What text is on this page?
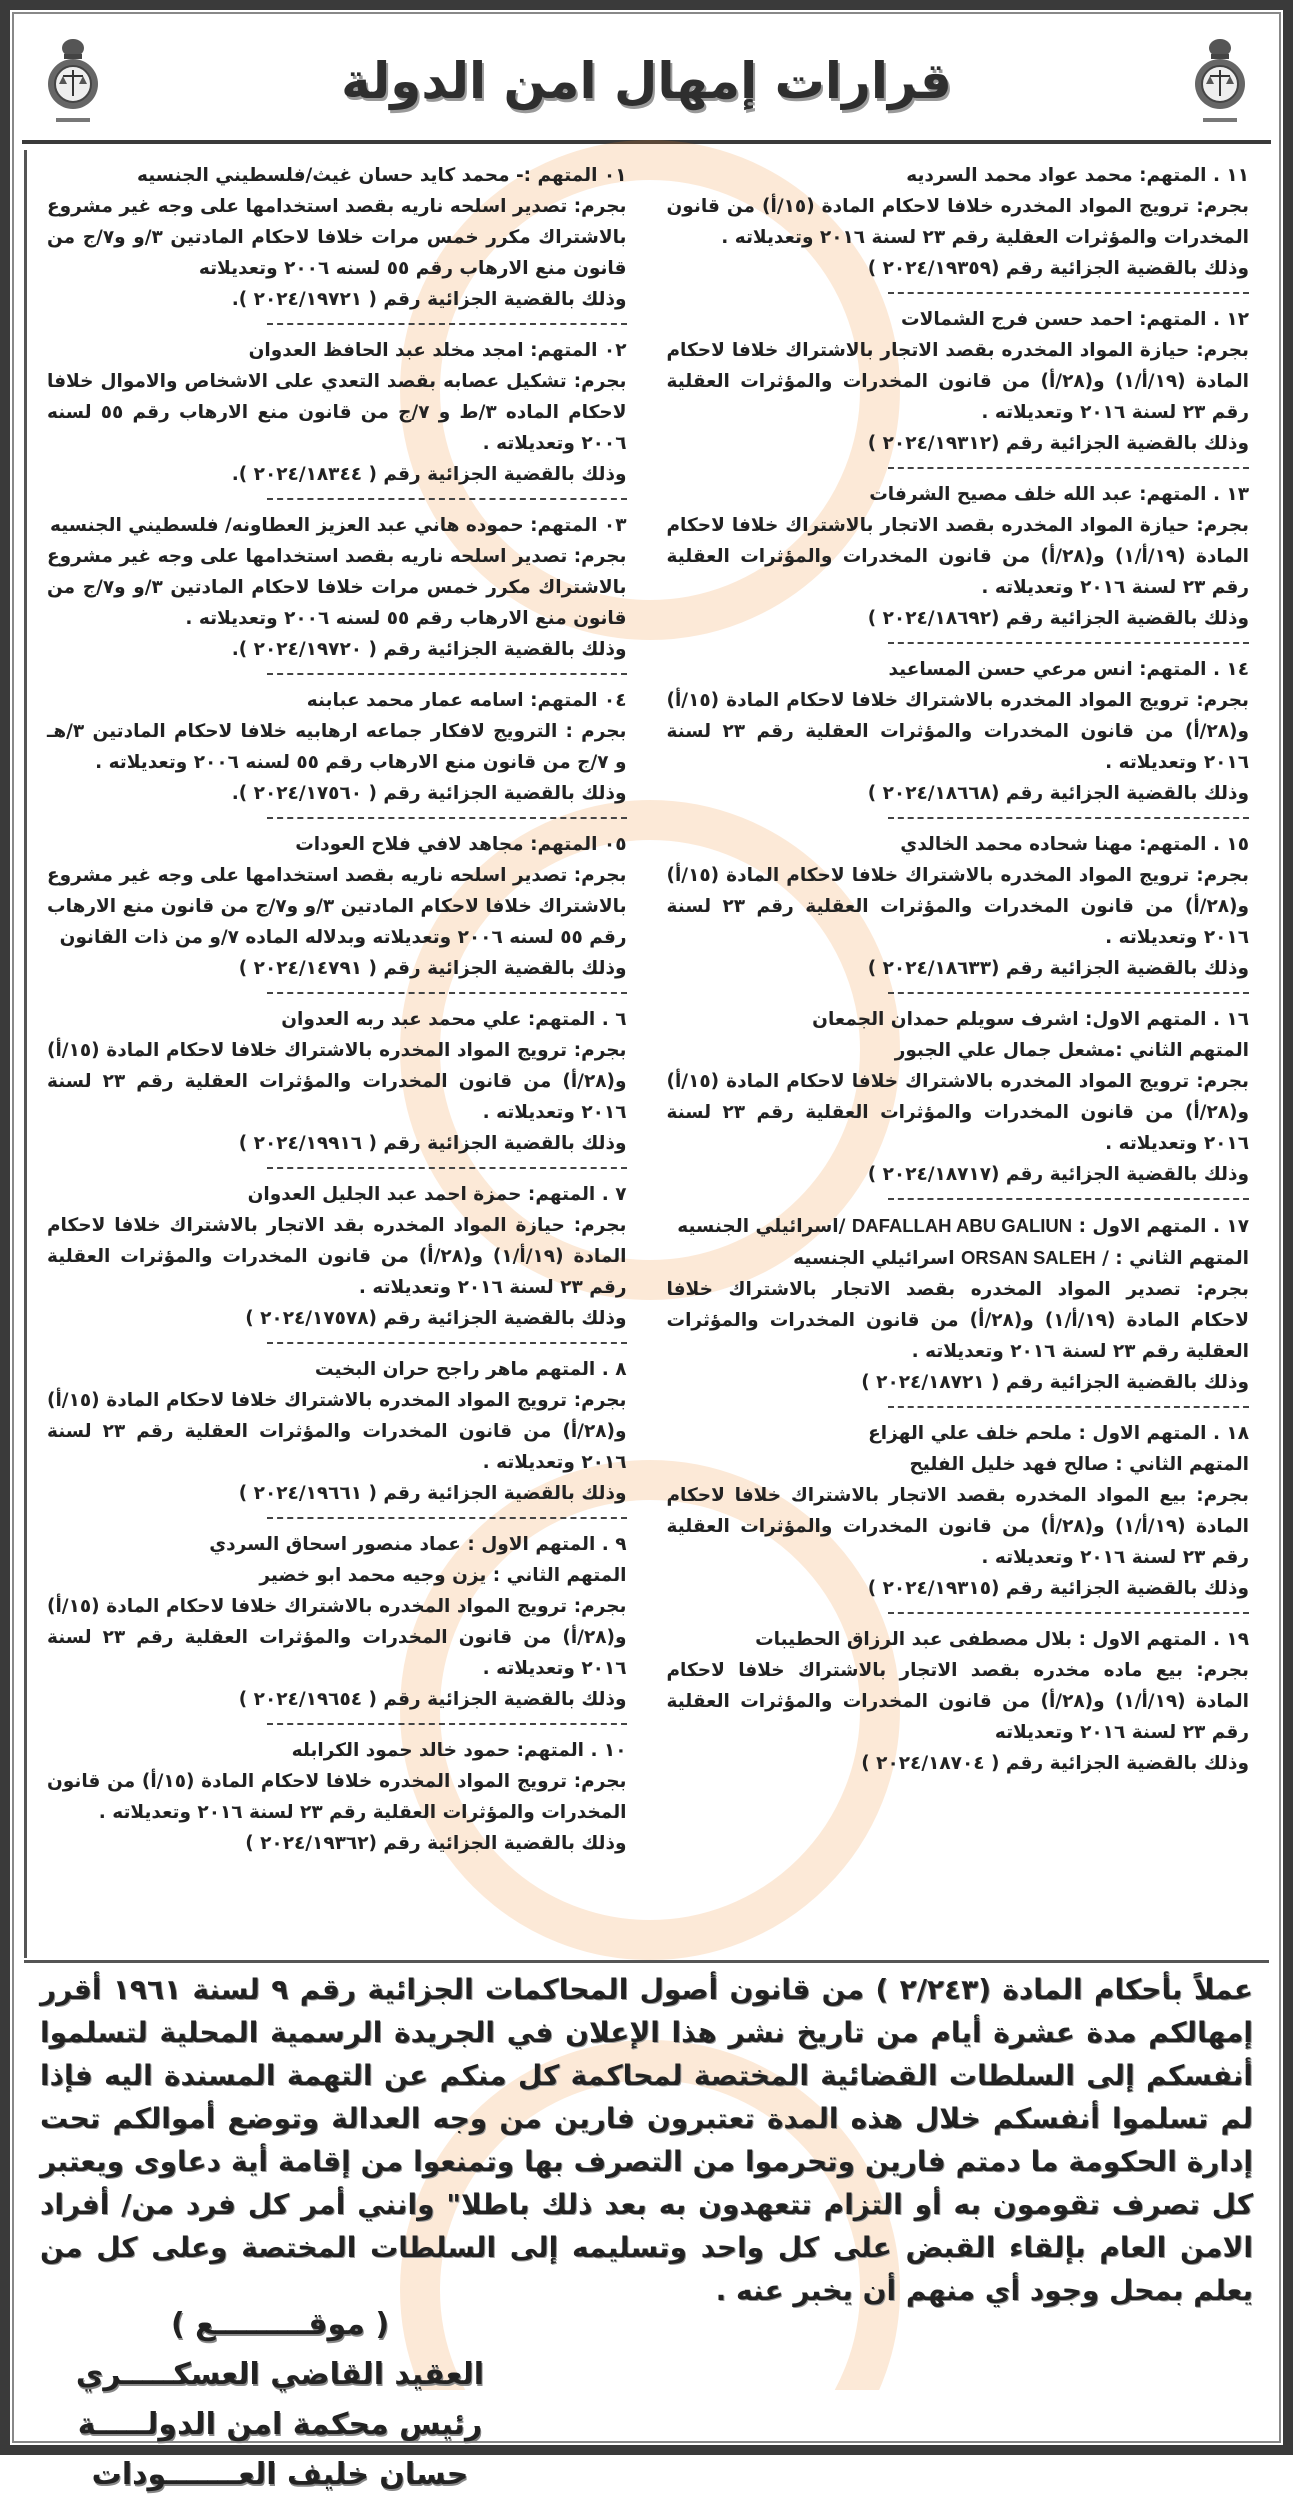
قرارات إمهال امن الدولة

٠١ المتهم :- محمد كايد حسان غيث/فلسطيني الجنسيه

بجرم: تصدير اسلحه ناريه بقصد استخدامها على وجه غير مشروع بالاشتراك مكرر خمس مرات خلافا لاحكام المادتين ٣/و و٧/ج من قانون منع الارهاب رقم ٥٥ لسنه ٢٠٠٦ وتعديلاته

وذلك بالقضية الجزائية رقم ( ٢٠٢٤/١٩٧٢١ ).

٠٢ المتهم: امجد مخلد عبد الحافظ العدوان

بجرم: تشكيل عصابه بقصد التعدي على الاشخاص والاموال خلافا لاحكام الماده ٣/ط و ٧/ج من قانون منع الارهاب رقم ٥٥ لسنه ٢٠٠٦ وتعديلاته .

وذلك بالقضية الجزائية رقم ( ٢٠٢٤/١٨٣٤٤ ).

٠٣ المتهم: حموده هاني عبد العزيز العطاونه/ فلسطيني الجنسيه

بجرم: تصدير اسلحه ناريه بقصد استخدامها على وجه غير مشروع بالاشتراك مكرر خمس مرات خلافا لاحكام المادتين ٣/و و٧/ج من قانون منع الارهاب رقم ٥٥ لسنه ٢٠٠٦ وتعديلاته .

وذلك بالقضية الجزائية رقم ( ٢٠٢٤/١٩٧٢٠ ).

٠٤ المتهم: اسامه عمار محمد عبابنه

بجرم : الترويج لافكار جماعه ارهابيه خلافا لاحكام المادتين ٣/هـ و ٧/ج من قانون منع الارهاب رقم ٥٥ لسنه ٢٠٠٦ وتعديلاته .

وذلك بالقضية الجزائية رقم ( ٢٠٢٤/١٧٥٦٠ ).

٠٥ المتهم: مجاهد لافي فلاح العودات

بجرم: تصدير اسلحه ناريه بقصد استخدامها على وجه غير مشروع بالاشتراك خلافا لاحكام المادتين ٣/و و٧/ج من قانون منع الارهاب رقم ٥٥ لسنه ٢٠٠٦ وتعديلاته وبدلاله الماده ٧/و من ذات القانون

وذلك بالقضية الجزائية رقم ( ٢٠٢٤/١٤٧٩١ )

٦ . المتهم: علي محمد عبد ربه العدوان

بجرم: ترويج المواد المخدره بالاشتراك خلافا لاحكام المادة (١٥/أ) و(٢٨/أ) من قانون المخدرات والمؤثرات العقلية رقم ٢٣ لسنة ٢٠١٦ وتعديلاته .

وذلك بالقضية الجزائية رقم ( ٢٠٢٤/١٩٩١٦ )

٧ . المتهم: حمزة احمد عبد الجليل العدوان

بجرم: حيازة المواد المخدره بقد الاتجار بالاشتراك خلافا لاحكام المادة (١٩/أ/١) و(٢٨/أ) من قانون المخدرات والمؤثرات العقلية رقم ٢٣ لسنة ٢٠١٦ وتعديلاته .

وذلك بالقضية الجزائية رقم (٢٠٢٤/١٧٥٧٨ )

٨ . المتهم ماهر راجح حران البخيت

بجرم: ترويج المواد المخدره بالاشتراك خلافا لاحكام المادة (١٥/أ) و(٢٨/أ) من قانون المخدرات والمؤثرات العقلية رقم ٢٣ لسنة ٢٠١٦ وتعديلاته .

وذلك بالقضية الجزائية رقم ( ٢٠٢٤/١٩٦٦١ )

٩ . المتهم الاول : عماد منصور اسحاق السردي

المتهم الثاني : يزن وجيه محمد ابو خضير

بجرم: ترويج المواد المخدره بالاشتراك خلافا لاحكام المادة (١٥/أ) و(٢٨/أ) من قانون المخدرات والمؤثرات العقلية رقم ٢٣ لسنة ٢٠١٦ وتعديلاته .

وذلك بالقضية الجزائية رقم ( ٢٠٢٤/١٩٦٥٤ )

١٠ . المتهم: حمود خالد حمود الكرابله

بجرم: ترويج المواد المخدره خلافا لاحكام المادة (١٥/أ) من قانون المخدرات والمؤثرات العقلية رقم ٢٣ لسنة ٢٠١٦ وتعديلاته .

وذلك بالقضية الجزائية رقم (٢٠٢٤/١٩٣٦٢ )

١١ . المتهم: محمد عواد محمد السرديه

بجرم: ترويج المواد المخدره خلافا لاحكام المادة (١٥/أ) من قانون المخدرات والمؤثرات العقلية رقم ٢٣ لسنة ٢٠١٦ وتعديلاته .

وذلك بالقضية الجزائية رقم (٢٠٢٤/١٩٣٥٩ )

١٢ . المتهم: احمد حسن فرج الشمالات

بجرم: حيازة المواد المخدره بقصد الاتجار بالاشتراك خلافا لاحكام المادة (١٩/أ/١) و(٢٨/أ) من قانون المخدرات والمؤثرات العقلية رقم ٢٣ لسنة ٢٠١٦ وتعديلاته .

وذلك بالقضية الجزائية رقم (٢٠٢٤/١٩٣١٢ )

١٣ . المتهم: عبد الله خلف مصيح الشرفات

بجرم: حيازة المواد المخدره بقصد الاتجار بالاشتراك خلافا لاحكام المادة (١٩/أ/١) و(٢٨/أ) من قانون المخدرات والمؤثرات العقلية رقم ٢٣ لسنة ٢٠١٦ وتعديلاته .

وذلك بالقضية الجزائية رقم (٢٠٢٤/١٨٦٩٢ )

١٤ . المتهم: انس مرعي حسن المساعيد

بجرم: ترويج المواد المخدره بالاشتراك خلافا لاحكام المادة (١٥/أ) و(٢٨/أ) من قانون المخدرات والمؤثرات العقلية رقم ٢٣ لسنة ٢٠١٦ وتعديلاته .

وذلك بالقضية الجزائية رقم (٢٠٢٤/١٨٦٦٨ )

١٥ . المتهم: مهنا شحاده محمد الخالدي

بجرم: ترويج المواد المخدره بالاشتراك خلافا لاحكام المادة (١٥/أ) و(٢٨/أ) من قانون المخدرات والمؤثرات العقلية رقم ٢٣ لسنة ٢٠١٦ وتعديلاته .

وذلك بالقضية الجزائية رقم (٢٠٢٤/١٨٦٣٣ )

١٦ . المتهم الاول: اشرف سويلم حمدان الجمعان

المتهم الثاني :مشعل جمال علي الجبور

بجرم: ترويج المواد المخدره بالاشتراك خلافا لاحكام المادة (١٥/أ) و(٢٨/أ) من قانون المخدرات والمؤثرات العقلية رقم ٢٣ لسنة ٢٠١٦ وتعديلاته .

وذلك بالقضية الجزائية رقم (٢٠٢٤/١٨٧١٧ )

١٧ . المتهم الاول : DAFALLAH ABU GALIUN /اسرائيلي الجنسيه

المتهم الثاني : / ORSAN SALEH اسرائيلي الجنسيه

بجرم: تصدير المواد المخدره بقصد الاتجار بالاشتراك خلافا لاحكام المادة (١٩/أ/١) و(٢٨/أ) من قانون المخدرات والمؤثرات العقلية رقم ٢٣ لسنة ٢٠١٦ وتعديلاته .

وذلك بالقضية الجزائية رقم ( ٢٠٢٤/١٨٧٢١ )

١٨ . المتهم الاول : ملحم خلف علي الهزاع

المتهم الثاني : صالح فهد خليل الفليح

بجرم: بيع المواد المخدره بقصد الاتجار بالاشتراك خلافا لاحكام المادة (١٩/أ/١) و(٢٨/أ) من قانون المخدرات والمؤثرات العقلية رقم ٢٣ لسنة ٢٠١٦ وتعديلاته .

وذلك بالقضية الجزائية رقم (٢٠٢٤/١٩٣١٥ )

١٩ . المتهم الاول : بلال مصطفى عبد الرزاق الحطيبات

بجرم: بيع ماده مخدره بقصد الاتجار بالاشتراك خلافا لاحكام المادة (١٩/أ/١) و(٢٨/أ) من قانون المخدرات والمؤثرات العقلية رقم ٢٣ لسنة ٢٠١٦ وتعديلاته

وذلك بالقضية الجزائية رقم ( ٢٠٢٤/١٨٧٠٤ )

عملاً بأحكام المادة (٢/٢٤٣ ) من قانون أصول المحاكمات الجزائية رقم ٩ لسنة ١٩٦١ أقرر إمهالكم مدة عشرة أيام من تاريخ نشر هذا الإعلان في الجريدة الرسمية المحلية لتسلموا أنفسكم إلى السلطات القضائية المختصة لمحاكمة كل منكم عن التهمة المسندة اليه فإذا لم تسلموا أنفسكم خلال هذه المدة تعتبرون فارين من وجه العدالة وتوضع أموالكم تحت إدارة الحكومة ما دمتم فارين وتحرموا من التصرف بها وتمنعوا من إقامة أية دعاوى ويعتبر كل تصرف تقومون به أو التزام تتعهدون به بعد ذلك باطلا" وانني أمر كل فرد من/ أفراد الامن العام بإلقاء القبض على كل واحد وتسليمه إلى السلطات المختصة وعلى كل من يعلم بمحل وجود أي منهم أن يخبر عنه .
( موقـــــــــع )
العقيد القاضي العسكـــــري
رئيس محكمة امن الدولـــــة
حسان خليف العـــــــودات
